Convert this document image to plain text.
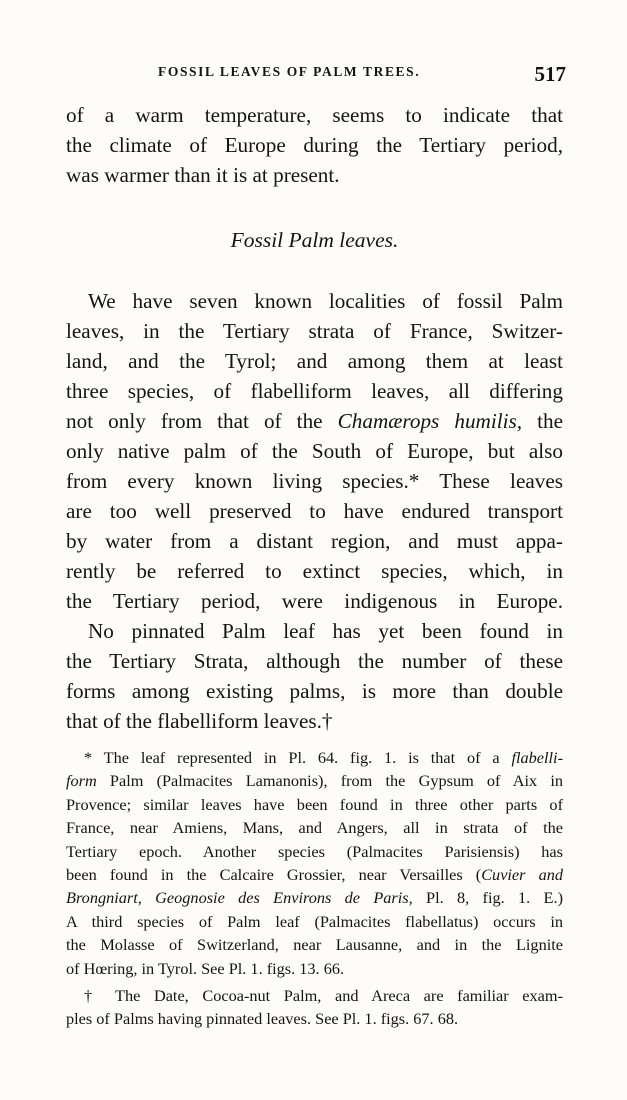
FOSSIL LEAVES OF PALM TREES.	517
of a warm temperature, seems to indicate that
the climate of Europe during the Tertiary period,
was warmer than it is at present.
Fossil Palm leaves.
We have seven known localities of fossil Palm
leaves, in the Tertiary strata of France, Switzer-
land, and the Tyrol; and among them at least
three species, of flabelliform leaves, all differing
not only from that of the Chamærops humilis, the
only native palm of the South of Europe, but also
from every known living species.* These leaves
are too well preserved to have endured transport
by water from a distant region, and must appa-
rently be referred to extinct species, which, in
the Tertiary period, were indigenous in Europe.
No pinnated Palm leaf has yet been found in
the Tertiary Strata, although the number of these
forms among existing palms, is more than double
that of the flabelliform leaves.†
* The leaf represented in Pl. 64. fig. 1. is that of a flabelli-
form Palm (Palmacites Lamanonis), from the Gypsum of Aix in
Provence; similar leaves have been found in three other parts of
France, near Amiens, Mans, and Angers, all in strata of the
Tertiary epoch. Another species (Palmacites Parisiensis) has
been found in the Calcaire Grossier, near Versailles (Cuvier and
Brongniart, Geognosie des Environs de Paris, Pl. 8, fig. 1. E.)
A third species of Palm leaf (Palmacites flabellatus) occurs in
the Molasse of Switzerland, near Lausanne, and in the Lignite
of Hœring, in Tyrol. See Pl. 1. figs. 13. 66.
† The Date, Cocoa-nut Palm, and Areca are familiar exam-
ples of Palms having pinnated leaves. See Pl. 1. figs. 67. 68.
